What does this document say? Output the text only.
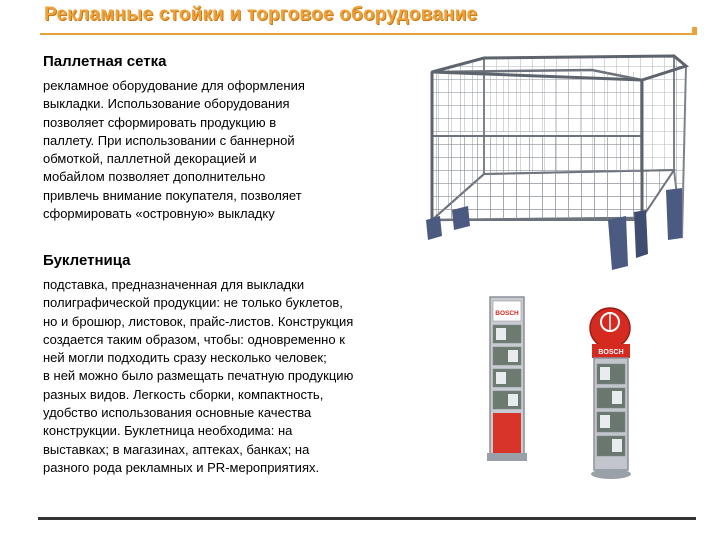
Рекламные стойки и торговое оборудование
Паллетная сетка
рекламное оборудование для оформления
выкладки. Использование оборудования
позволяет сформировать продукцию в
паллету. При использовании с баннерной
обмоткой, паллетной декорацией и
мобайлом позволяет дополнительно
привлечь внимание покупателя, позволяет
сформировать «островную» выкладку
Буклетница
подставка, предназначенная для выкладки
полиграфической продукции: не только буклетов,
но и брошюр, листовок, прайс-листов. Конструкция
создается таким образом, чтобы: одновременно к
ней могли подходить сразу несколько человек;
в ней можно было размещать печатную продукцию
разных видов. Легкость сборки, компактность,
удобство использования основные качества
конструкции. Буклетница необходима: на
выставках; в магазинах, аптеках, банках; на
разного рода рекламных и PR-мероприятиях.
BOSCH
BOSCH
